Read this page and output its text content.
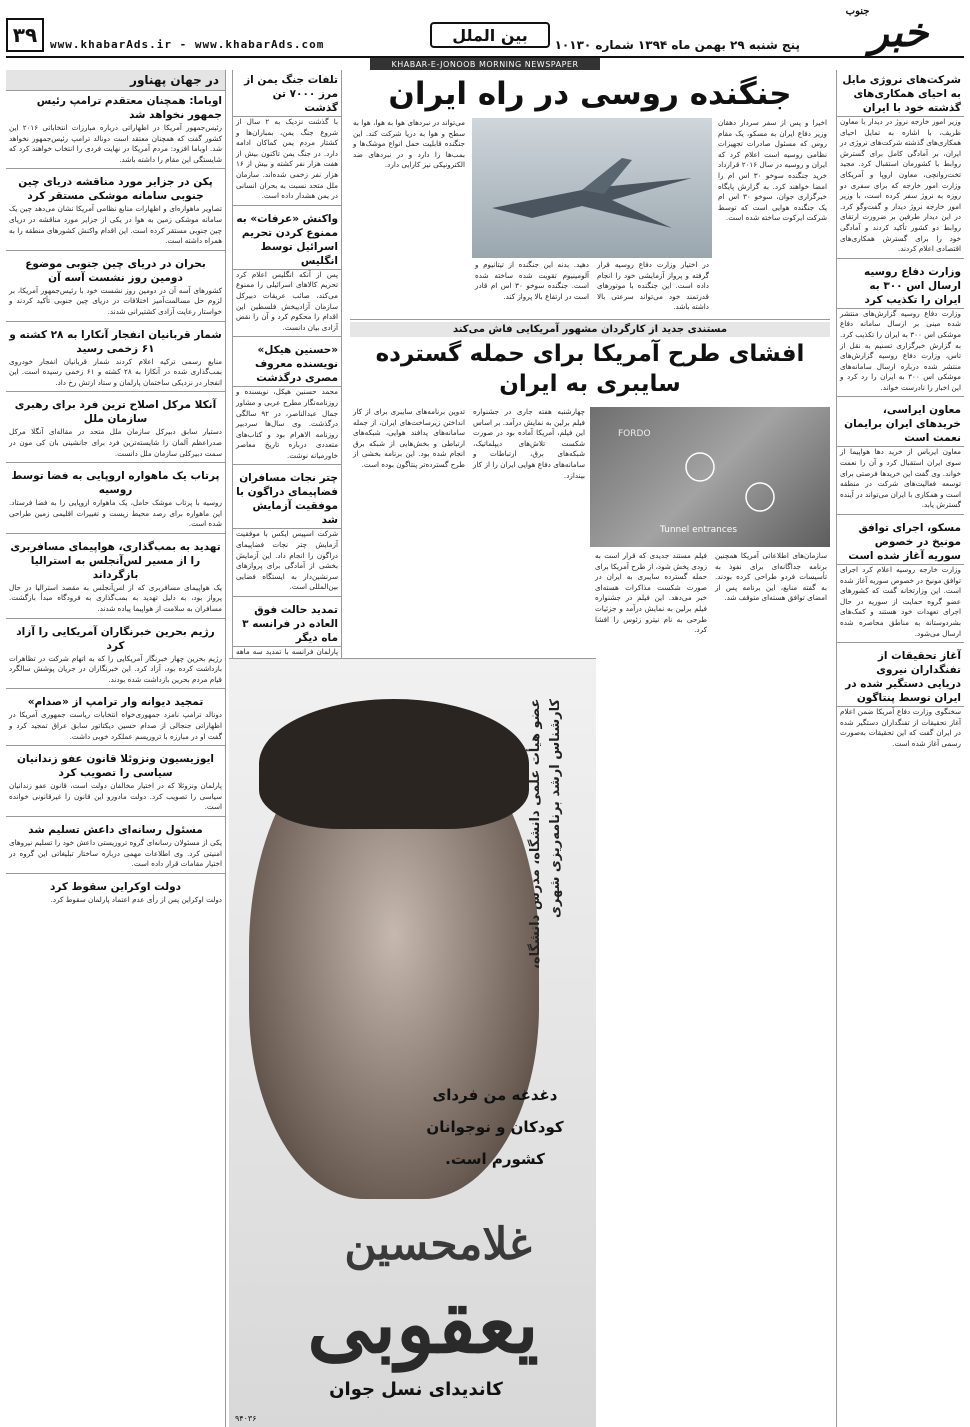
۳۹	www.khabarAds.ir - www.khabarAds.com	بین الملل
پنج شنبه ۲۹ بهمن ماه ۱۳۹۴ شماره ۱۰۱۳۰ خبر
جنوب
KHABAR-E-JONOOB MORNING NEWSPAPER
شرکت‌های نروژی مایل به احیای همکاری‌های گذشته خود با ایران
وزیر امور خارجه نروژ در دیدار با معاون ظریف، با اشاره به تمایل احیای همکاری‌های گذشته شرکت‌های نروژی در ایران، بر آمادگی کامل برای گسترش روابط با کشورمان استقبال کرد. مجید تخت‌روانچی، معاون اروپا و آمریکای وزارت امور خارجه که برای سفری دو روزه به نروژ سفر کرده است، با وزیر امور خارجه نروژ دیدار و گفت‌وگو کرد. در این دیدار طرفین بر ضرورت ارتقای روابط دو کشور تأکید کردند و آمادگی خود را برای گسترش همکاری‌های اقتصادی اعلام کردند.
وزارت دفاع روسیه ارسال اس ۳۰۰ به ایران را تکذیب کرد
وزارت دفاع روسیه گزارش‌های منتشر شده مبنی بر ارسال سامانه دفاع موشکی اس ۳۰۰ به ایران را تکذیب کرد. به گزارش خبرگزاری تسنیم به نقل از تاس، وزارت دفاع روسیه گزارش‌های منتشر شده درباره ارسال سامانه‌های موشکی اس ۳۰۰ به ایران را رد کرد و این اخبار را نادرست خواند.
معاون ایراسی، خریدهای ایران برایمان نعمت است
معاون ایرباس از خرید دها هواپیما از سوی ایران استقبال کرد و آن را نعمت خواند. وی گفت این خریدها فرصتی برای توسعه فعالیت‌های شرکت در منطقه است و همکاری با ایران می‌تواند در آینده گسترش یابد.
مسکو، اجرای توافق مونیخ در خصوص سوریه آغاز شده است
وزارت خارجه روسیه اعلام کرد اجرای توافق مونیخ در خصوص سوریه آغاز شده است. این وزارتخانه گفت که کشورهای عضو گروه حمایت از سوریه در حال اجرای تعهدات خود هستند و کمک‌های بشردوستانه به مناطق محاصره شده ارسال می‌شود.
آغاز تحقیقات از تفنگداران نیروی دریایی دستگیر شده در ایران توسط پنتاگون
سخنگوی وزارت دفاع آمریکا ضمن اعلام آغاز تحقیقات از تفنگداران دستگیر شده در ایران گفت که این تحقیقات به‌صورت رسمی آغاز شده است.
جنگنده روسی در راه ایران
اخیرا و پس از سفر سردار دهقان وزیر دفاع ایران به مسکو، یک مقام روس که مسئول صادرات تجهیزات نظامی روسیه است اعلام کرد که ایران و روسیه در سال ۲۰۱۶ قرارداد خرید جنگنده سوخو ۳۰ اس ام را امضا خواهند کرد. به گزارش پایگاه خبرگزاری جوان، سوخو ۳۰ اس ام یک جنگنده هوایی است که توسط شرکت ایرکوت ساخته شده است.
در اختیار وزارت دفاع روسیه قرار گرفته و پرواز آزمایشی خود را انجام داده است. این جنگنده با موتورهای قدرتمند خود می‌تواند سرعتی بالا داشته باشد.
دهید. بدنه این جنگنده از تیتانیوم و آلومینیوم تقویت شده ساخته شده است. جنگنده سوخو ۳۰ اس ام قادر است در ارتفاع بالا پرواز کند.
می‌تواند در نبردهای هوا به هوا، هوا به سطح و هوا به دریا شرکت کند. این جنگنده قابلیت حمل انواع موشک‌ها و بمب‌ها را دارد و در نبردهای ضد الکترونیکی نیز کارایی دارد.
مستندی جدید از کارگردان مشهور آمریکایی فاش می‌کند
افشای طرح آمریکا برای حمله گسترده سایبری به ایران
FORDO
Tunnel entrances
سازمان‌های اطلاعاتی آمریکا همچنین برنامه جداگانه‌ای برای نفوذ به تأسیسات فردو طراحی کرده بودند. به گفته منابع، این برنامه پس از امضای توافق هسته‌ای متوقف شد.
فیلم مستند جدیدی که قرار است به زودی پخش شود، از طرح آمریکا برای حمله گسترده سایبری به ایران در صورت شکست مذاکرات هسته‌ای خبر می‌دهد. این فیلم در جشنواره فیلم برلین به نمایش درآمد و جزئیات طرحی به نام نیترو زئوس را افشا کرد.
چهارشنبه هفته جاری در جشنواره فیلم برلین به نمایش درآمد. بر اساس این فیلم، آمریکا آماده بود در صورت شکست تلاش‌های دیپلماتیک، شبکه‌های برق، ارتباطات و سامانه‌های دفاع هوایی ایران را از کار بیندازد.
تدوین برنامه‌های سایبری برای از کار انداختن زیرساخت‌های ایران، از جمله سامانه‌های پدافند هوایی، شبکه‌های ارتباطی و بخش‌هایی از شبکه برق انجام شده بود. این برنامه بخشی از طرح گسترده‌تر پنتاگون بوده است.
تلفات جنگ یمن از مرز ۷۰۰۰ تن گذشت
با گذشت نزدیک به ۲ سال از شروع جنگ یمن، بمباران‌ها و کشتار مردم یمن کماکان ادامه دارد. در جنگ یمن تاکنون بیش از هفت هزار نفر کشته و بیش از ۱۶ هزار نفر زخمی شده‌اند. سازمان ملل متحد نسبت به بحران انسانی در یمن هشدار داده است.
واکنش «عرفات» به ممنوع کردن تحریم اسرائیل توسط انگلیس
پس از آنکه انگلیس اعلام کرد تحریم کالاهای اسرائیلی را ممنوع می‌کند، صائب عریقات دبیرکل سازمان آزادیبخش فلسطین این اقدام را محکوم کرد و آن را نقض آزادی بیان دانست.
«حسنین هیکل» نویسنده معروف مصری درگذشت
محمد حسنین هیکل، نویسنده و روزنامه‌نگار مطرح عربی و مشاور جمال عبدالناصر، در ۹۲ سالگی درگذشت. وی سال‌ها سردبیر روزنامه الاهرام بود و کتاب‌های متعددی درباره تاریخ معاصر خاورمیانه نوشت.
چتر نجات مسافران فضاپیمای دراگون با موفقیت آزمایش شد
شرکت اسپیس ایکس با موفقیت آزمایش چتر نجات فضاپیمای دراگون را انجام داد. این آزمایش بخشی از آمادگی برای پروازهای سرنشین‌دار به ایستگاه فضایی بین‌المللی است.
تمدید حالت فوق العاده در فرانسه ۳ ماه دیگر
پارلمان فرانسه با تمدید سه ماهه
در جهان پهناور
اوباما: همچنان معتقدم ترامپ رئیس جمهور نخواهد شد
رئیس‌جمهور آمریکا در اظهاراتی درباره مبارزات انتخاباتی ۲۰۱۶ این کشور گفت که همچنان معتقد است دونالد ترامپ رئیس‌جمهور نخواهد شد. اوباما افزود: مردم آمریکا در نهایت فردی را انتخاب خواهند کرد که شایستگی این مقام را داشته باشد.
پکن در جزایر مورد مناقشه دریای چین جنوبی سامانه موشکی مستقر کرد
تصاویر ماهواره‌ای و اظهارات منابع نظامی آمریکا نشان می‌دهد چین یک سامانه موشکی زمین به هوا در یکی از جزایر مورد مناقشه در دریای چین جنوبی مستقر کرده است. این اقدام واکنش کشورهای منطقه را به همراه داشته است.
بحران در دریای چین جنوبی موضوع دومین روز نشست آسه آن
کشورهای آسه آن در دومین روز نشست خود با رئیس‌جمهور آمریکا، بر لزوم حل مسالمت‌آمیز اختلافات در دریای چین جنوبی تأکید کردند و خواستار رعایت آزادی کشتیرانی شدند.
شمار قربانیان انفجار آنکارا به ۲۸ کشته و ۶۱ زخمی رسید
منابع رسمی ترکیه اعلام کردند شمار قربانیان انفجار خودروی بمب‌گذاری شده در آنکارا به ۲۸ کشته و ۶۱ زخمی رسیده است. این انفجار در نزدیکی ساختمان پارلمان و ستاد ارتش رخ داد.
آنکلا مرکل اصلاح ترین فرد برای رهبری سازمان ملل
دستیار سابق دبیرکل سازمان ملل متحد در مقاله‌ای آنگلا مرکل صدراعظم آلمان را شایسته‌ترین فرد برای جانشینی بان کی مون در سمت دبیرکلی سازمان ملل دانست.
پرتاب یک ماهواره اروپایی به فضا توسط روسیه
روسیه با پرتاب موشک حامل، یک ماهواره اروپایی را به فضا فرستاد. این ماهواره برای رصد محیط زیست و تغییرات اقلیمی زمین طراحی شده است.
تهدید به بمب‌گذاری، هواپیمای مسافربری را از مسیر لس‌آنجلس به استرالیا بازگرداند
یک هواپیمای مسافربری که از لس‌آنجلس به مقصد استرالیا در حال پرواز بود، به دلیل تهدید به بمب‌گذاری به فرودگاه مبدأ بازگشت. مسافران به سلامت از هواپیما پیاده شدند.
رژیم بحرین خبرنگاران آمریکایی را آزاد کرد
رژیم بحرین چهار خبرنگار آمریکایی را که به اتهام شرکت در تظاهرات بازداشت کرده بود، آزاد کرد. این خبرنگاران در جریان پوشش سالگرد قیام مردم بحرین بازداشت شده بودند.
تمجید دیوانه وار ترامپ از «صدام»
دونالد ترامپ نامزد جمهوری‌خواه انتخابات ریاست جمهوری آمریکا در اظهاراتی جنجالی از صدام حسین دیکتاتور سابق عراق تمجید کرد و گفت او در مبارزه با تروریسم عملکرد خوبی داشت.
ایوزیسیون ونزوئلا قانون عفو زندانیان سیاسی را تصویب کرد
پارلمان ونزوئلا که در اختیار مخالفان دولت است، قانون عفو زندانیان سیاسی را تصویب کرد. دولت مادورو این قانون را غیرقانونی خوانده است.
مسئول رسانه‌ای داعش تسلیم شد
یکی از مسئولان رسانه‌ای گروه تروریستی داعش خود را تسلیم نیروهای امنیتی کرد. وی اطلاعات مهمی درباره ساختار تبلیغاتی این گروه در اختیار مقامات قرار داده است.
دولت اوکراین سقوط کرد
دولت اوکراین پس از رأی عدم اعتماد پارلمان سقوط کرد.	عضو هیأت علمی دانشگاه، مدرس دانشگاه، کارشناس ارشد برنامه‌ریزی شهری
دغدغه من فردای کودکان و نوجوانان کشورم است.
غلامحسین
یعقوبی
کاندیدای نسل جوان
۹۴۰۳۶
